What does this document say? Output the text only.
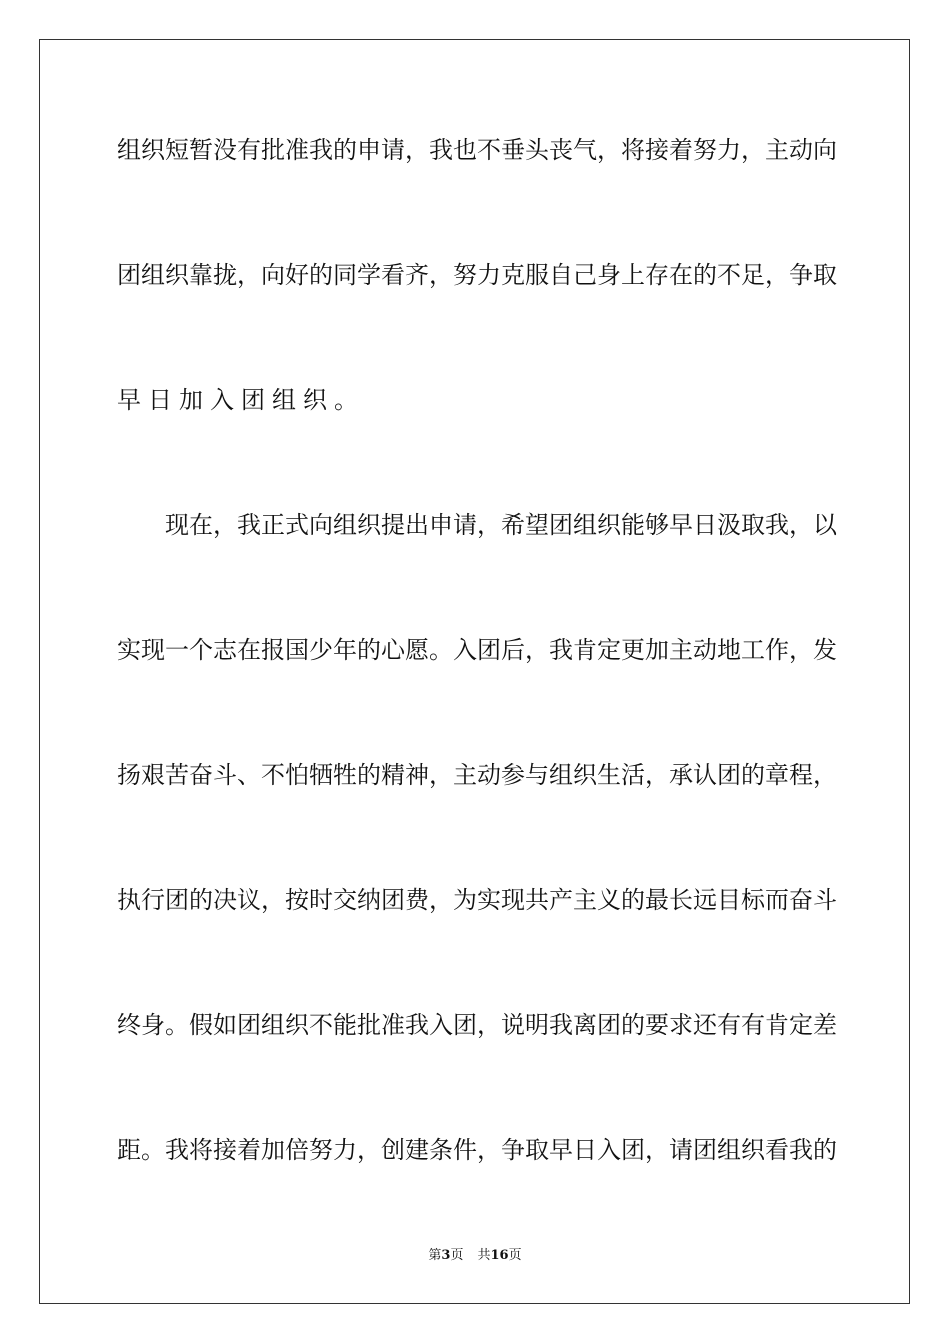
组 织 短 暂 没 有 批 准 我 的 申 请 ， 我 也 不 垂 头 丧 气 ， 将 接 着 努 力 ， 主 动 向
团 组 织 靠 拢 ， 向 好 的 同 学 看 齐 ， 努 力 克 服 自 己 身 上 存 在 的 不 足 ， 争 取
早日加入团组织。
现 在 ， 我 正 式 向 组 织 提 出 申 请 ， 希 望 团 组 织 能 够 早 日 汲 取 我 ， 以
实 现 一 个 志 在 报 国 少 年 的 心 愿 。 入 团 后 ， 我 肯 定 更 加 主 动 地 工 作 ， 发
扬 艰 苦 奋 斗 、 不 怕 牺 牲 的 精 神 ， 主 动 参 与 组 织 生 活 ， 承 认 团 的 章 程 ，
执 行 团 的 决 议 ， 按 时 交 纳 团 费 ， 为 实 现 共 产 主 义 的 最 长 远 目 标 而 奋 斗
终 身 。 假 如 团 组 织 不 能 批 准 我 入 团 ， 说 明 我 离 团 的 要 求 还 有 有 肯 定 差
距 。 我 将 接 着 加 倍 努 力 ， 创 建 条 件 ， 争 取 早 日 入 团 ， 请 团 组 织 看 我 的
第3页 共16页
